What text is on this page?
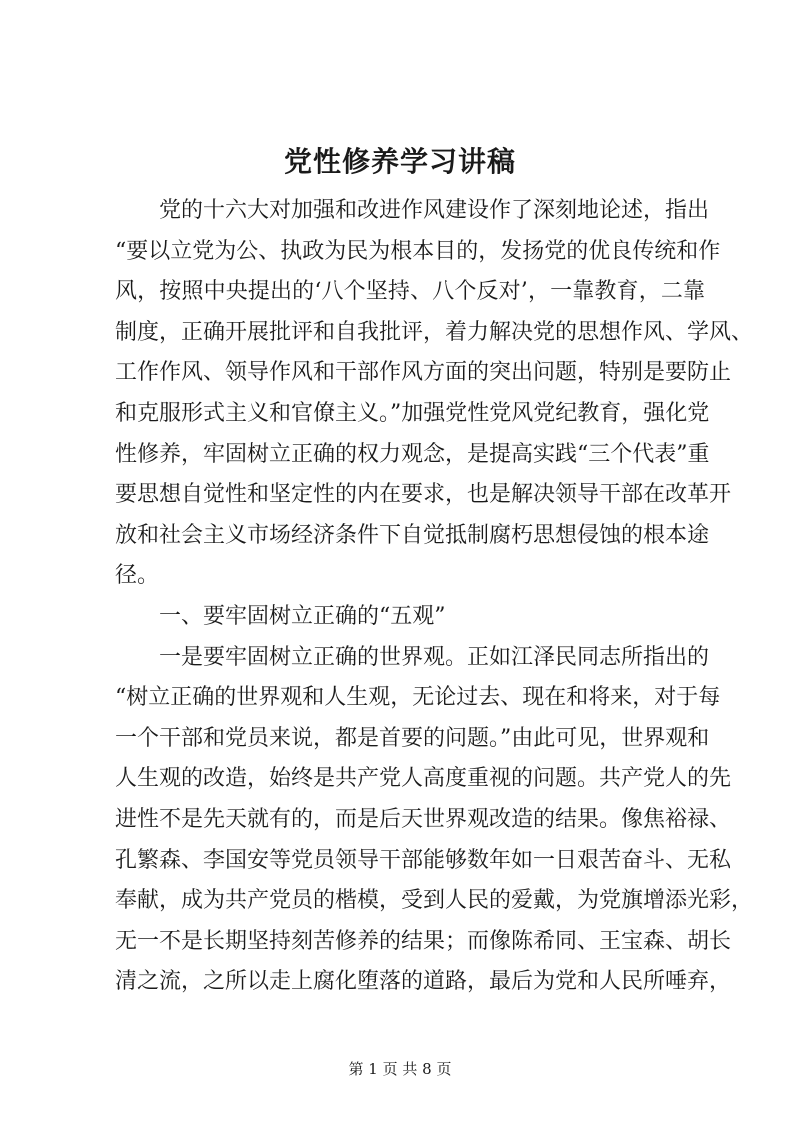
党性修养学习讲稿
党的十六大对加强和改进作风建设作了深刻地论述，指出
“要以立党为公、执政为民为根本目的，发扬党的优良传统和作
风，按照中央提出的‘八个坚持、八个反对’，一靠教育，二靠
制度，正确开展批评和自我批评，着力解决党的思想作风、学风、
工作作风、领导作风和干部作风方面的突出问题，特别是要防止
和克服形式主义和官僚主义。”加强党性党风党纪教育，强化党
性修养，牢固树立正确的权力观念，是提高实践“三个代表”重
要思想自觉性和坚定性的内在要求，也是解决领导干部在改革开
放和社会主义市场经济条件下自觉抵制腐朽思想侵蚀的根本途
径。
一、要牢固树立正确的“五观”
一是要牢固树立正确的世界观。正如江泽民同志所指出的
“树立正确的世界观和人生观，无论过去、现在和将来，对于每
一个干部和党员来说，都是首要的问题。”由此可见，世界观和
人生观的改造，始终是共产党人高度重视的问题。共产党人的先
进性不是先天就有的，而是后天世界观改造的结果。像焦裕禄、
孔繁森、李国安等党员领导干部能够数年如一日艰苦奋斗、无私
奉献，成为共产党员的楷模，受到人民的爱戴，为党旗增添光彩，
无一不是长期坚持刻苦修养的结果；而像陈希同、王宝森、胡长
清之流，之所以走上腐化堕落的道路，最后为党和人民所唾弃，
第 1 页 共 8 页
